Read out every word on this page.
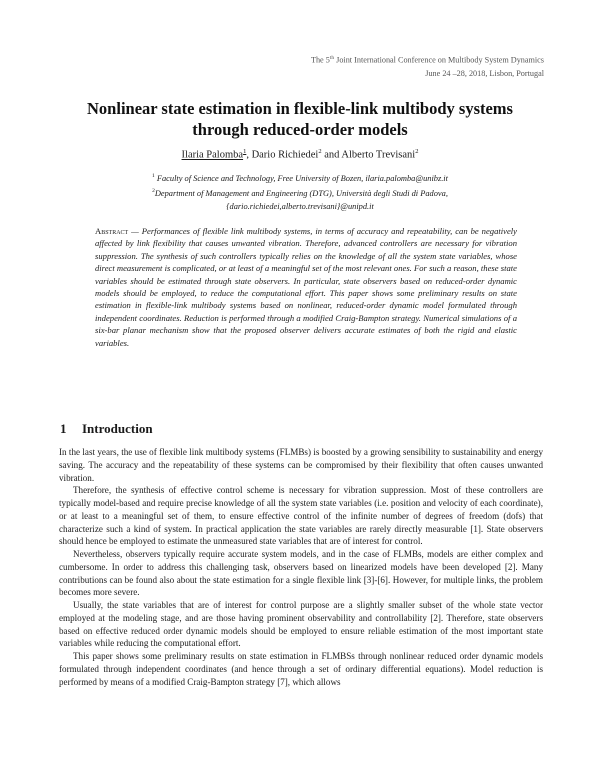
The 5th Joint International Conference on Multibody System Dynamics
June 24 –28, 2018, Lisbon, Portugal
Nonlinear state estimation in flexible-link multibody systems
through reduced-order models
Ilaria Palomba$^1$, Dario Richiedei$^2$ and Alberto Trevisani$^2$
$^1$ Faculty of Science and Technology, Free University of Bozen, ilaria.palomba@unibz.it
$^2$Department of Management and Engineering (DTG), Università degli Studi di Padova,
{dario.richiedei,alberto.trevisani}@unipd.it
Abstract — Performances of flexible link multibody systems, in terms of accuracy and repeatability, can be negatively affected by link flexibility that causes unwanted vibration. Therefore, advanced controllers are necessary for vibration suppression. The synthesis of such controllers typically relies on the knowledge of all the system state variables, whose direct measurement is complicated, or at least of a meaningful set of the most relevant ones. For such a reason, these state variables should be estimated through state observers. In particular, state observers based on reduced-order dynamic models should be employed, to reduce the computational effort. This paper shows some preliminary results on state estimation in flexible-link multibody systems based on nonlinear, reduced-order dynamic model formulated through independent coordinates. Reduction is performed through a modified Craig-Bampton strategy. Numerical simulations of a six-bar planar mechanism show that the proposed observer delivers accurate estimates of both the rigid and elastic variables.
1 Introduction

In the last years, the use of flexible link multibody systems (FLMBs) is boosted by a growing sensibility to sustainability and energy saving. The accuracy and the repeatability of these systems can be compromised by their flexibility that often causes unwanted vibration.

Therefore, the synthesis of effective control scheme is necessary for vibration suppression. Most of these controllers are typically model-based and require precise knowledge of all the system state variables (i.e. position and velocity of each coordinate), or at least to a meaningful set of them, to ensure effective control of the infinite number of degrees of freedom (dofs) that characterize such a kind of system. In practical application the state variables are rarely directly measurable [1]. State observers should hence be employed to estimate the unmeasured state variables that are of interest for control.

Nevertheless, observers typically require accurate system models, and in the case of FLMBs, models are either complex and cumbersome. In order to address this challenging task, observers based on linearized models have been developed [2]. Many contributions can be found also about the state estimation for a single flexible link [3]-[6]. However, for multiple links, the problem becomes more severe.

Usually, the state variables that are of interest for control purpose are a slightly smaller subset of the whole state vector employed at the modeling stage, and are those having prominent observability and controllability [2]. Therefore, state observers based on effective reduced order dynamic models should be employed to ensure reliable estimation of the most important state variables while reducing the computational effort.

This paper shows some preliminary results on state estimation in FLMBSs through nonlinear reduced order dynamic models formulated through independent coordinates (and hence through a set of ordinary differential equations). Model reduction is performed by means of a modified Craig-Bampton strategy [7], which allows
